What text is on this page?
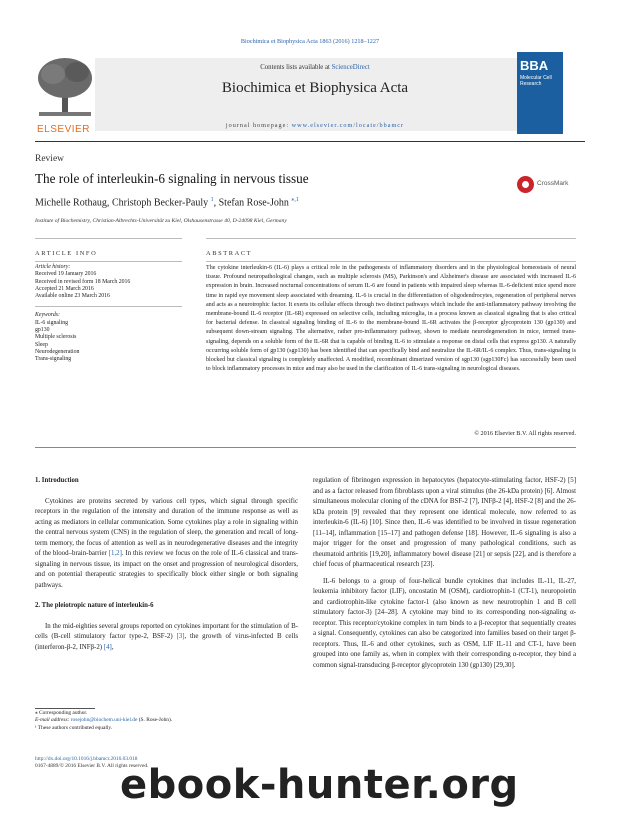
Biochimica et Biophysica Acta 1863 (2016) 1218–1227
ELSEVIER
Contents lists available at ScienceDirect
Biochimica et Biophysica Acta
journal homepage: www.elsevier.com/locate/bbamcr
BBA
Molecular Cell Research
Review
The role of interleukin-6 signaling in nervous tissue	CrossMark
Michelle Rothaug, Christoph Becker-Pauly $^1$, Stefan Rose-John $^{⁎,1}$
Institute of Biochemistry, Christian-Albrechts-Universität zu Kiel, Olshausenstrasse 40, D-24098 Kiel, Germany
ARTICLE INFO	ABSTRACT
Article history:
Received 19 January 2016
Received in revised form 18 March 2016
Accepted 21 March 2016
Available online 23 March 2016
Keywords:
IL-6 signaling
gp130
Multiple sclerosis
Sleep
Neurodegeneration
Trans-signaling
The cytokine interleukin-6 (IL-6) plays a critical role in the pathogenesis of inflammatory disorders and in the physiological homeostasis of neural tissue. Profound neuropathological changes, such as multiple sclerosis (MS), Parkinson's and Alzheimer's disease are associated with increased IL-6 expression in brain. Increased nocturnal concentrations of serum IL-6 are found in patients with impaired sleep whereas IL-6-deficient mice spend more time in rapid eye movement sleep associated with dreaming. IL-6 is crucial in the differentiation of oligodendrocytes, regeneration of peripheral nerves and acts as a neurotrophic factor. It exerts its cellular effects through two distinct pathways which include the anti-inflammatory pathway involving the membrane-bound IL-6 receptor (IL-6R) expressed on selective cells, including microglia, in a process known as classical signaling that is also critical for bacterial defense. In classical signaling binding of IL-6 to the membrane-bound IL-6R activates the β-receptor glycoprotein 130 (gp130) and subsequent down-stream signaling. The alternative, rather pro-inflammatory pathway, shown to mediate neurodegeneration in mice, termed trans-signaling, depends on a soluble form of the IL-6R that is capable of binding IL-6 to stimulate a response on distal cells that express gp130. A naturally occurring soluble form of gp130 (sgp130) has been identified that can specifically bind and neutralize the IL-6R/IL-6 complex. Thus, trans-signaling is blocked but classical signaling is completely unaffected. A modified, recombinant dimerized version of sgp130 (sgp130Fc) has successfully been used to block inflammatory processes in mice and may also be used in the clarification of IL-6 trans-signaling in neurological diseases.
© 2016 Elsevier B.V. All rights reserved.
1. Introduction

Cytokines are proteins secreted by various cell types, which signal through specific receptors in the regulation of the intensity and duration of the immune response as well as acting as mediators in cellular communication. Some cytokines play a role in signaling within the central nervous system (CNS) in the regulation of sleep, the generation and recall of long-term memory, the focus of attention as well as in neurodegenerative diseases and the integrity of the blood–brain-barrier [1,2]. In this review we focus on the role of IL-6 classical and trans-signaling in nervous tissue, its impact on the onset and progression of neurological disorders, and on potential therapeutic strategies to specifically block either single or both signaling pathways.

2. The pleiotropic nature of interleukin-6

In the mid-eighties several groups reported on cytokines important for the stimulation of B-cells (B-cell stimulatory factor type-2, BSF-2) [3], the growth of virus-infected B cells (interferon-β-2, INFβ-2) [4],

regulation of fibrinogen expression in hepatocytes (hepatocyte-stimulating factor, HSF-2) [5] and as a factor released from fibroblasts upon a viral stimulus (the 26-kDa protein) [6]. Almost simultaneous molecular cloning of the cDNA for BSF-2 [7], INFβ-2 [4], HSF-2 [8] and the 26-kDa protein [9] revealed that they represent one identical molecule, now referred to as interleukin-6 (IL-6) [10]. Since then, IL-6 was identified to be involved in tissue regeneration [11–14], inflammation [15–17] and pathogen defense [18]. However, IL-6 signaling is also a major trigger for the onset and progression of many pathological conditions, such as rheumatoid arthritis [19,20], inflammatory bowel disease [21] or sepsis [22], and is therefore a chief focus of pharmaceutical research [23].

IL-6 belongs to a group of four-helical bundle cytokines that includes IL-11, IL-27, leukemia inhibitory factor (LIF), oncostatin M (OSM), cardiotrophin-1 (CT-1), neuropoietin and cardiotrophin-like cytokine factor-1 (also known as new neurotrophin 1 and B cell stimulatory factor-3) [24–28]. A cytokine may bind to its corresponding non-signaling α-receptor. This receptor/cytokine complex in turn binds to a β-receptor that sequentially creates a signal. Consequently, cytokines can also be categorized into families based on their target β-receptors. Thus, IL-6 and other cytokines, such as OSM, LIF IL-11 and CT-1, have been grouped into one family as, when in complex with their corresponding α-receptor, they bind a common signal-transducing β-receptor glycoprotein 130 (gp130) [29,30].

⁎ Corresponding author.
E-mail address: rosejohn@biochem.uni-kiel.de (S. Rose-John).
¹ These authors contributed equally.
http://dx.doi.org/10.1016/j.bbamcr.2016.03.018
0167-4889/© 2016 Elsevier B.V. All rights reserved.
ebook-hunter.org
